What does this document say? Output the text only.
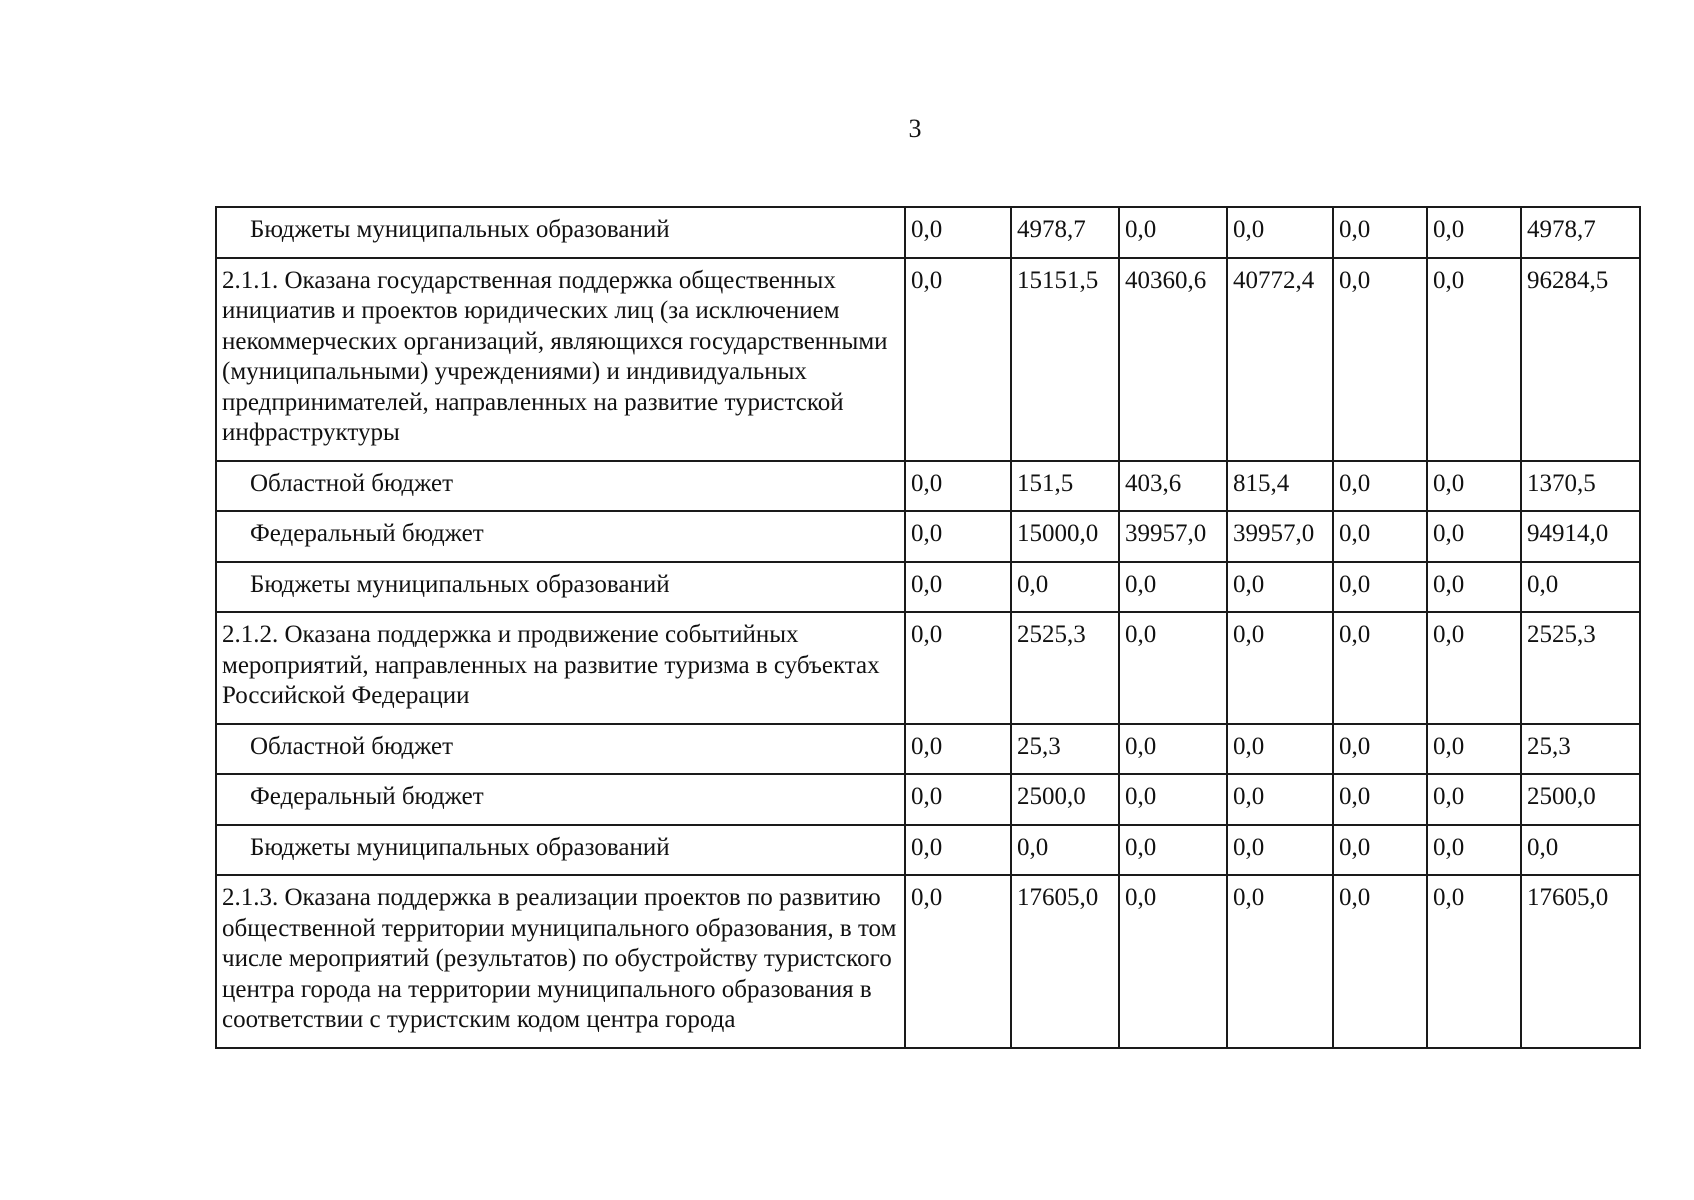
3
Бюджеты муниципальных образований	0,0	4978,7	0,0	0,0	0,0	0,0	4978,7
2.1.1. Оказана государственная поддержка общественных инициатив и проектов юридических лиц (за исключением некоммерческих организаций, являющихся государственными (муниципальными) учреждениями) и индивидуальных предпринимателей, направленных на развитие туристской инфраструктуры	0,0	15151,5	40360,6	40772,4	0,0	0,0	96284,5
Областной бюджет	0,0	151,5	403,6	815,4	0,0	0,0	1370,5
Федеральный бюджет	0,0	15000,0	39957,0	39957,0	0,0	0,0	94914,0
Бюджеты муниципальных образований	0,0	0,0	0,0	0,0	0,0	0,0	0,0
2.1.2. Оказана поддержка и продвижение событийных мероприятий, направленных на развитие туризма в субъектах Российской Федерации	0,0	2525,3	0,0	0,0	0,0	0,0	2525,3
Областной бюджет	0,0	25,3	0,0	0,0	0,0	0,0	25,3
Федеральный бюджет	0,0	2500,0	0,0	0,0	0,0	0,0	2500,0
Бюджеты муниципальных образований	0,0	0,0	0,0	0,0	0,0	0,0	0,0
2.1.3. Оказана поддержка в реализации проектов по развитию общественной территории муниципального образования, в том числе мероприятий (результатов) по обустройству туристского центра города на территории муниципального образования в соответствии с туристским кодом центра города	0,0	17605,0	0,0	0,0	0,0	0,0	17605,0
